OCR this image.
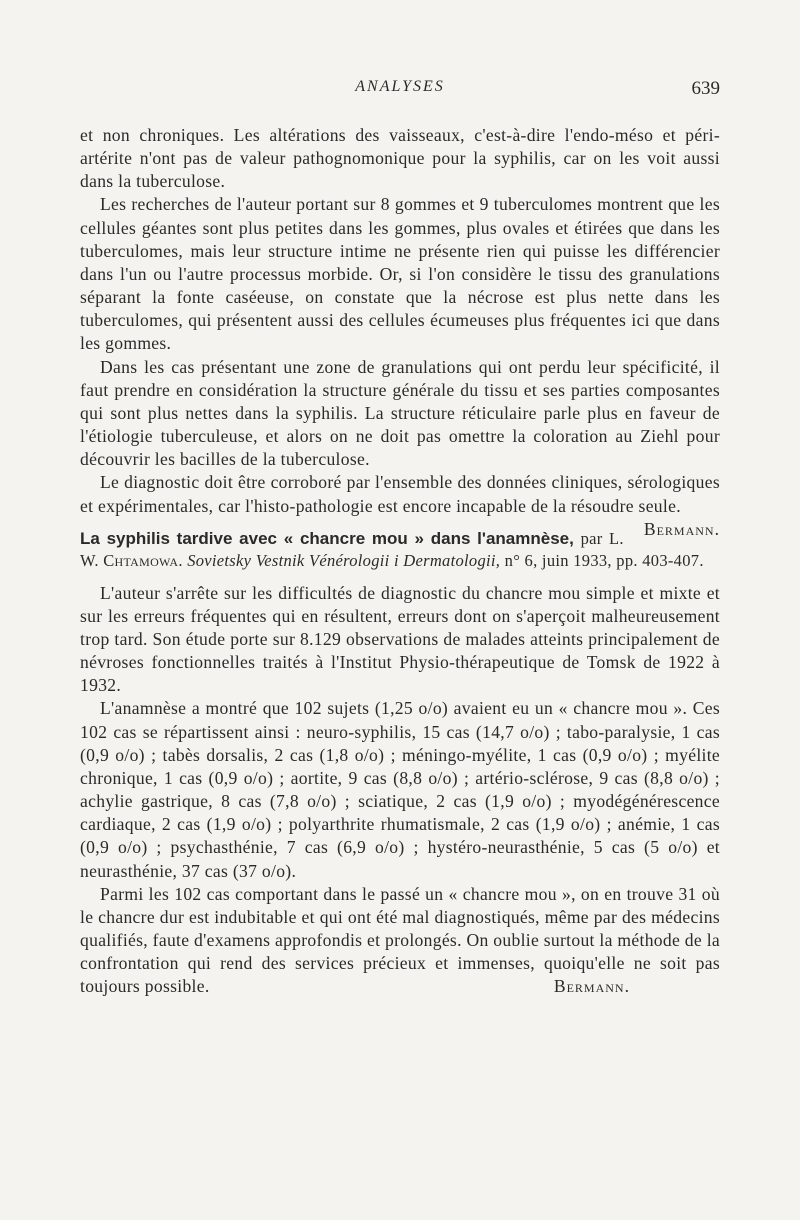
ANALYSES	639

et non chroniques. Les altérations des vaisseaux, c'est-à-dire l'endo-méso et péri-artérite n'ont pas de valeur pathognomonique pour la syphilis, car on les voit aussi dans la tuberculose.

Les recherches de l'auteur portant sur 8 gommes et 9 tuberculomes montrent que les cellules géantes sont plus petites dans les gommes, plus ovales et étirées que dans les tuberculomes, mais leur structure intime ne présente rien qui puisse les différencier dans l'un ou l'autre processus morbide. Or, si l'on considère le tissu des granulations séparant la fonte caséeuse, on constate que la nécrose est plus nette dans les tuberculomes, qui présentent aussi des cellules écumeuses plus fréquentes ici que dans les gommes.

Dans les cas présentant une zone de granulations qui ont perdu leur spécificité, il faut prendre en considération la structure générale du tissu et ses parties composantes qui sont plus nettes dans la syphilis. La structure réticulaire parle plus en faveur de l'étiologie tuberculeuse, et alors on ne doit pas omettre la coloration au Ziehl pour découvrir les bacilles de la tuberculose.

Le diagnostic doit être corroboré par l'ensemble des données cliniques, sérologiques et expérimentales, car l'histo-pathologie est encore incapable de la résoudre seule.
Bermann.

La syphilis tardive avec « chancre mou » dans l'anamnèse, par L. W. Chtamowa. Sovietsky Vestnik Vénérologii i Dermatologii, n° 6, juin 1933, pp. 403-407.

L'auteur s'arrête sur les difficultés de diagnostic du chancre mou simple et mixte et sur les erreurs fréquentes qui en résultent, erreurs dont on s'aperçoit malheureusement trop tard. Son étude porte sur 8.129 observations de malades atteints principalement de névroses fonctionnelles traités à l'Institut Physio-thérapeutique de Tomsk de 1922 à 1932.

L'anamnèse a montré que 102 sujets (1,25 o/o) avaient eu un « chancre mou ». Ces 102 cas se répartissent ainsi : neuro-syphilis, 15 cas (14,7 o/o) ; tabo-paralysie, 1 cas (0,9 o/o) ; tabès dorsalis, 2 cas (1,8 o/o) ; méningo-myélite, 1 cas (0,9 o/o) ; myélite chronique, 1 cas (0,9 o/o) ; aortite, 9 cas (8,8 o/o) ; artério-sclérose, 9 cas (8,8 o/o) ; achylie gastrique, 8 cas (7,8 o/o) ; sciatique, 2 cas (1,9 o/o) ; myodégénérescence cardiaque, 2 cas (1,9 o/o) ; polyarthrite rhumatismale, 2 cas (1,9 o/o) ; anémie, 1 cas (0,9 o/o) ; psychasthénie, 7 cas (6,9 o/o) ; hystéro-neurasthénie, 5 cas (5 o/o) et neurasthénie, 37 cas (37 o/o).

Parmi les 102 cas comportant dans le passé un « chancre mou », on en trouve 31 où le chancre dur est indubitable et qui ont été mal diagnostiqués, même par des médecins qualifiés, faute d'examens approfondis et prolongés. On oublie surtout la méthode de la confrontation qui rend des services précieux et immenses, quoiqu'elle ne soit pas toujours possible.	Bermann.
